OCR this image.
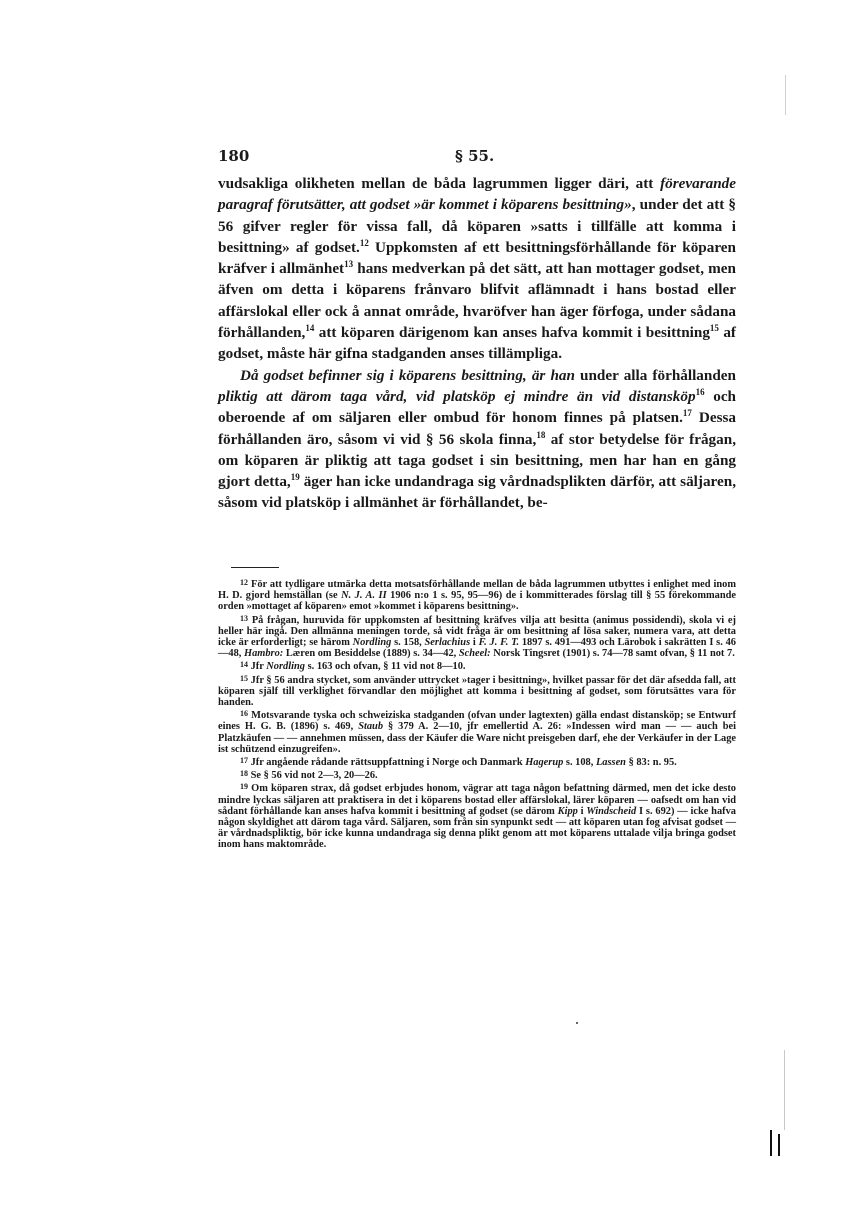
180	§ 55.

vudsakliga olikheten mellan de båda lagrummen ligger däri, att förevarande paragraf förutsätter, att godset »är kommet i köparens besittning», under det att § 56 gifver regler för vissa fall, då köparen »satts i tillfälle att komma i besittning» af godset.$^{12}$ Uppkomsten af ett besittningsförhållande för köparen kräfver i allmänhet$^{13}$ hans medverkan på det sätt, att han mottager godset, men äfven om detta i köparens frånvaro blifvit aflämnadt i hans bostad eller affärslokal eller ock å annat område, hvaröfver han äger förfoga, under sådana förhållanden,$^{14}$ att köparen därigenom kan anses hafva kommit i besittning$^{15}$ af godset, måste här gifna stadganden anses tillämpliga.

Då godset befinner sig i köparens besittning, är han under alla förhållanden pliktig att därom taga vård, vid platsköp ej mindre än vid distansköp$^{16}$ och oberoende af om säljaren eller ombud för honom finnes på platsen.$^{17}$ Dessa förhållanden äro, såsom vi vid § 56 skola finna,$^{18}$ af stor betydelse för frågan, om köparen är pliktig att taga godset i sin besittning, men har han en gång gjort detta,$^{19}$ äger han icke undandraga sig vårdnadsplikten därför, att säljaren, såsom vid platsköp i allmänhet är förhållandet, be-

12 För att tydligare utmärka detta motsatsförhållande mellan de båda lagrummen utbyttes i enlighet med inom H. D. gjord hemställan (se N. J. A. II 1906 n:o 1 s. 95, 95—96) de i kommitterades förslag till § 55 förekommande orden »mottaget af köparen» emot »kommet i köparens besittning».

13 På frågan, huruvida för uppkomsten af besittning kräfves vilja att besitta (animus possidendi), skola vi ej heller här ingå. Den allmänna meningen torde, så vidt fråga är om besittning af lösa saker, numera vara, att detta icke är erforderligt; se härom Nordling s. 158, Serlachius i F. J. F. T. 1897 s. 491—493 och Lärobok i sakrätten I s. 46—48, Hambro: Læren om Besiddelse (1889) s. 34—42, Scheel: Norsk Tingsret (1901) s. 74—78 samt ofvan, § 11 not 7.

14 Jfr Nordling s. 163 och ofvan, § 11 vid not 8—10.

15 Jfr § 56 andra stycket, som använder uttrycket »tager i besittning», hvilket passar för det där afsedda fall, att köparen själf till verklighet förvandlar den möjlighet att komma i besittning af godset, som förutsättes vara för handen.

16 Motsvarande tyska och schweiziska stadganden (ofvan under lagtexten) gälla endast distansköp; se Entwurf eines H. G. B. (1896) s. 469, Staub § 379 A. 2—10, jfr emellertid A. 26: »Indessen wird man — — auch bei Platzkäufen — — annehmen müssen, dass der Käufer die Ware nicht preisgeben darf, ehe der Verkäufer in der Lage ist schützend einzugreifen».

17 Jfr angående rådande rättsuppfattning i Norge och Danmark Hagerup s. 108, Lassen § 83: n. 95.

18 Se § 56 vid not 2—3, 20—26.

19 Om köparen strax, då godset erbjudes honom, vägrar att taga någon befattning därmed, men det icke desto mindre lyckas säljaren att praktisera in det i köparens bostad eller affärslokal, lärer köparen — oafsedt om han vid sådant förhållande kan anses hafva kommit i besittning af godset (se därom Kipp i Windscheid I s. 692) — icke hafva någon skyldighet att därom taga vård. Säljaren, som från sin synpunkt sedt — att köparen utan fog afvisat godset — är vårdnadspliktig, bör icke kunna undandraga sig denna plikt genom att mot köparens uttalade vilja bringa godset inom hans maktområde.
